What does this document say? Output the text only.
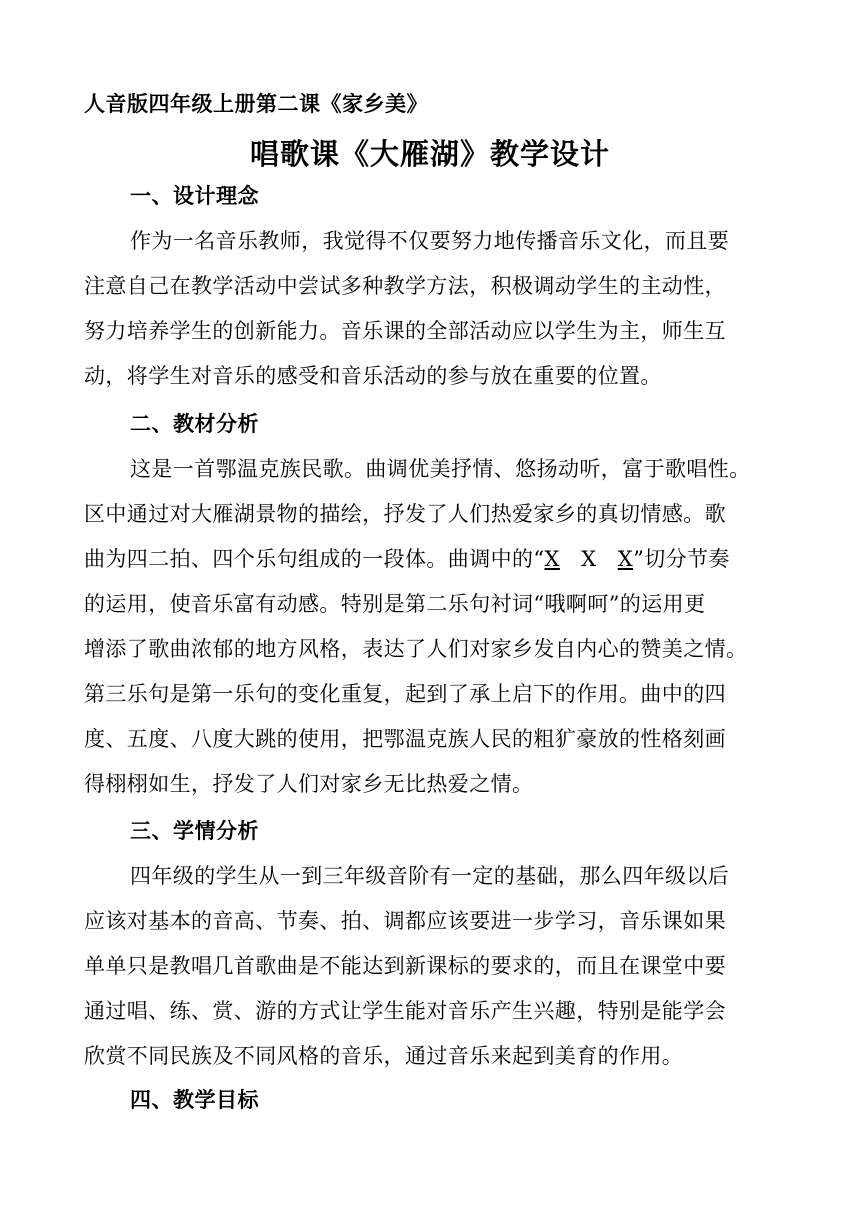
人音版四年级上册第二课《家乡美》
唱歌课《大雁湖》教学设计
一、设计理念
作为一名音乐教师，我觉得不仅要努力地传播音乐文化，而且要
注意自己在教学活动中尝试多种教学方法，积极调动学生的主动性，
努力培养学生的创新能力。音乐课的全部活动应以学生为主，师生互
动，将学生对音乐的感受和音乐活动的参与放在重要的位置。
二、教材分析
这是一首鄂温克族民歌。曲调优美抒情、悠扬动听，富于歌唱性。
区中通过对大雁湖景物的描绘，抒发了人们热爱家乡的真切情感。歌
曲为四二拍、四个乐句组成的一段体。曲调中的“X X X”切分节奏
的运用，使音乐富有动感。特别是第二乐句衬词“哦啊呵”的运用更
增添了歌曲浓郁的地方风格，表达了人们对家乡发自内心的赞美之情。
第三乐句是第一乐句的变化重复，起到了承上启下的作用。曲中的四
度、五度、八度大跳的使用，把鄂温克族人民的粗犷豪放的性格刻画
得栩栩如生，抒发了人们对家乡无比热爱之情。
三、学情分析
四年级的学生从一到三年级音阶有一定的基础，那么四年级以后
应该对基本的音高、节奏、拍、调都应该要进一步学习，音乐课如果
单单只是教唱几首歌曲是不能达到新课标的要求的，而且在课堂中要
通过唱、练、赏、游的方式让学生能对音乐产生兴趣，特别是能学会
欣赏不同民族及不同风格的音乐，通过音乐来起到美育的作用。
四、教学目标
